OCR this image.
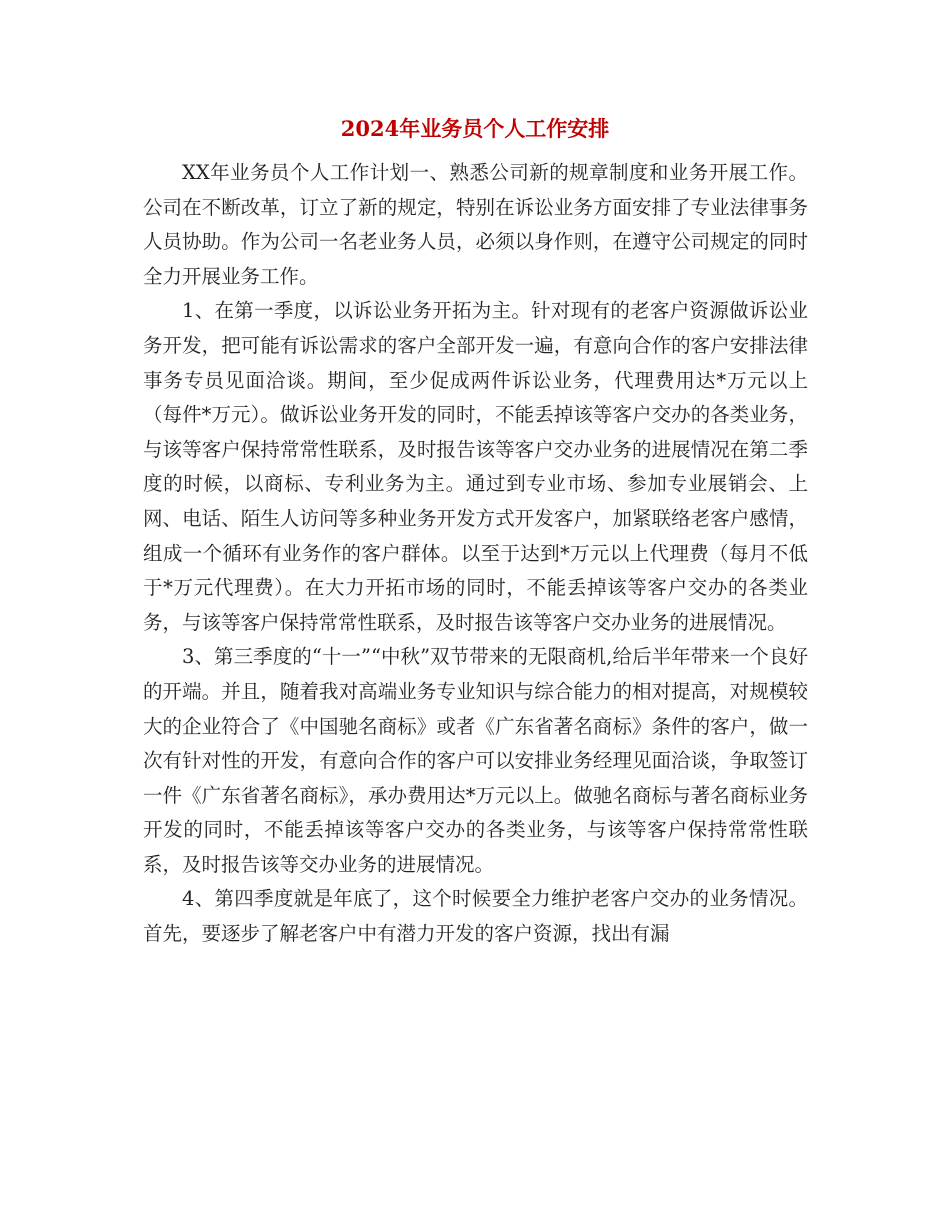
2024年业务员个人工作安排

XX年业务员个人工作计划一、熟悉公司新的规章制度和业务开展工作。公司在不断改革，订立了新的规定，特别在诉讼业务方面安排了专业法律事务人员协助。作为公司一名老业务人员，必须以身作则，在遵守公司规定的同时全力开展业务工作。

1、在第一季度，以诉讼业务开拓为主。针对现有的老客户资源做诉讼业务开发，把可能有诉讼需求的客户全部开发一遍，有意向合作的客户安排法律事务专员见面洽谈。期间，至少促成两件诉讼业务，代理费用达*万元以上（每件*万元）。做诉讼业务开发的同时，不能丢掉该等客户交办的各类业务，与该等客户保持常常性联系，及时报告该等客户交办业务的进展情况在第二季度的时候，以商标、专利业务为主。通过到专业市场、参加专业展销会、上网、电话、陌生人访问等多种业务开发方式开发客户，加紧联络老客户感情，组成一个循环有业务作的客户群体。以至于达到*万元以上代理费（每月不低于*万元代理费）。在大力开拓市场的同时，不能丢掉该等客户交办的各类业务，与该等客户保持常常性联系，及时报告该等客户交办业务的进展情况。

3、第三季度的“十一”“中秋”双节带来的无限商机,给后半年带来一个良好的开端。并且，随着我对高端业务专业知识与综合能力的相对提高，对规模较大的企业符合了《中国驰名商标》或者《广东省著名商标》条件的客户，做一次有针对性的开发，有意向合作的客户可以安排业务经理见面洽谈，争取签订一件《广东省著名商标》，承办费用达*万元以上。做驰名商标与著名商标业务开发的同时，不能丢掉该等客户交办的各类业务，与该等客户保持常常性联系，及时报告该等交办业务的进展情况。

4、第四季度就是年底了，这个时候要全力维护老客户交办的业务情况。首先，要逐步了解老客户中有潜力开发的客户资源，找出有漏
